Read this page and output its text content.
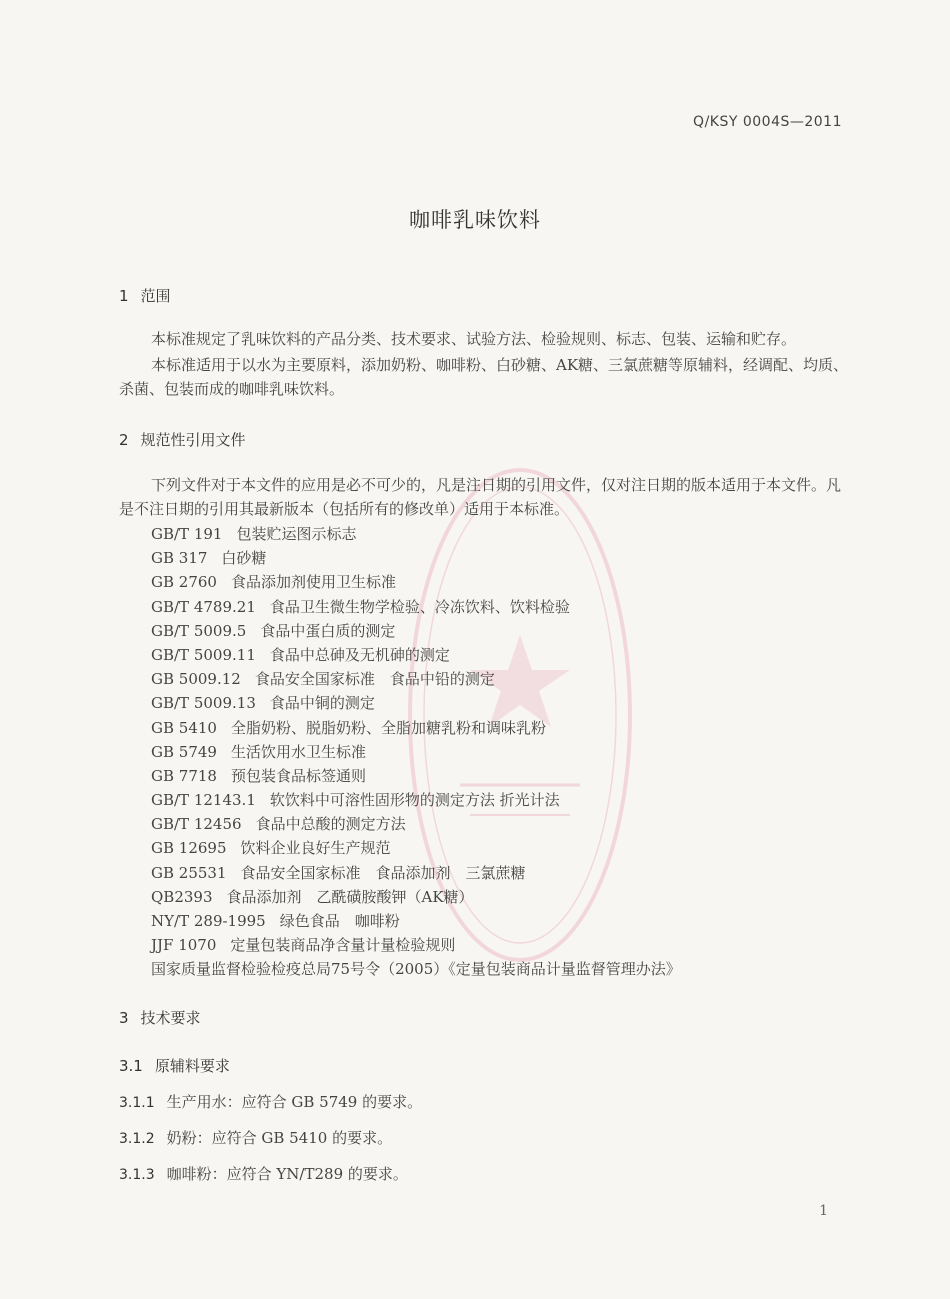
Q/KSY 0004S—2011
咖啡乳味饮料
1 范围
本标准规定了乳味饮料的产品分类、技术要求、试验方法、检验规则、标志、包装、运输和贮存。
本标准适用于以水为主要原料，添加奶粉、咖啡粉、白砂糖、AK糖、三氯蔗糖等原辅料，经调配、均质、杀菌、包装而成的咖啡乳味饮料。
2 规范性引用文件
下列文件对于本文件的应用是必不可少的，凡是注日期的引用文件，仅对注日期的版本适用于本文件。凡是不注日期的引用其最新版本（包括所有的修改单）适用于本标准。
GB/T 191 包装贮运图示标志
GB 317 白砂糖
GB 2760 食品添加剂使用卫生标准
GB/T 4789.21 食品卫生微生物学检验、冷冻饮料、饮料检验
GB/T 5009.5 食品中蛋白质的测定
GB/T 5009.11 食品中总砷及无机砷的测定
GB 5009.12 食品安全国家标准　食品中铅的测定
GB/T 5009.13 食品中铜的测定
GB 5410 全脂奶粉、脱脂奶粉、全脂加糖乳粉和调味乳粉
GB 5749 生活饮用水卫生标准
GB 7718 预包装食品标签通则
GB/T 12143.1 软饮料中可溶性固形物的测定方法 折光计法
GB/T 12456 食品中总酸的测定方法
GB 12695 饮料企业良好生产规范
GB 25531 食品安全国家标准　食品添加剂　三氯蔗糖
QB2393 食品添加剂　乙酰磺胺酸钾（AK糖）
NY/T 289-1995 绿色食品　咖啡粉
JJF 1070 定量包装商品净含量计量检验规则
国家质量监督检验检疫总局75号令（2005）《定量包装商品计量监督管理办法》
3 技术要求
3.1 原辅料要求
3.1.1 生产用水：应符合 GB 5749 的要求。
3.1.2 奶粉：应符合 GB 5410 的要求。
3.1.3 咖啡粉：应符合 YN/T289 的要求。
1
